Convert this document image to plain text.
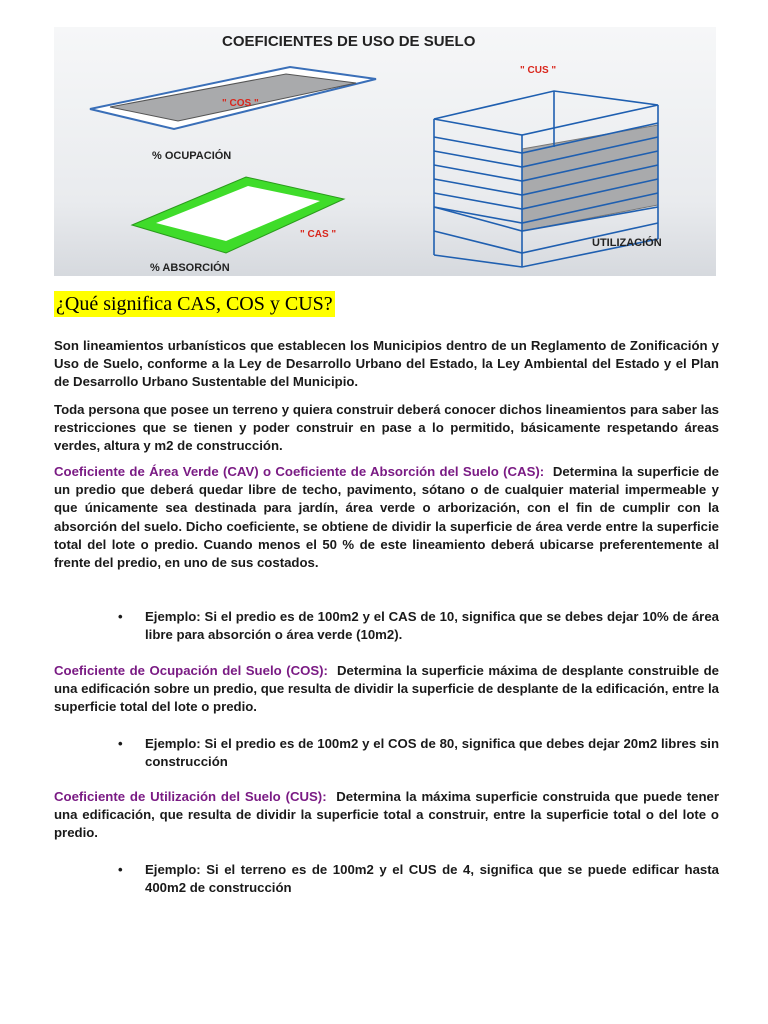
COEFICIENTES DE USO DE SUELO
" COS "
% OCUPACIÓN
" CAS "
% ABSORCIÓN
" CUS "
UTILIZACIÓN
¿Qué significa CAS, COS y CUS?

Son lineamientos urbanísticos que establecen los Municipios dentro de un Reglamento de Zonificación y Uso de Suelo, conforme a la Ley de Desarrollo Urbano del Estado, la Ley Ambiental del Estado y el Plan de Desarrollo Urbano Sustentable del Municipio.

Toda persona que posee un terreno y quiera construir deberá conocer dichos lineamientos para saber las restricciones que se tienen y poder construir en pase a lo permitido, básicamente respetando áreas verdes, altura y m2 de construcción.

Coeficiente de Área Verde (CAV) o Coeficiente de Absorción del Suelo (CAS): Determina la superficie de un predio que deberá quedar libre de techo, pavimento, sótano o de cualquier material impermeable y que únicamente sea destinada para jardín, área verde o arborización, con el fin de cumplir con la absorción del suelo. Dicho coeficiente, se obtiene de dividir la superficie de área verde entre la superficie total del lote o predio. Cuando menos el 50 % de este lineamiento deberá ubicarse preferentemente al frente del predio, en uno de sus costados.

• Ejemplo: Si el predio es de 100m2 y el CAS de 10, significa que se debes dejar 10% de área libre para absorción o área verde (10m2).

Coeficiente de Ocupación del Suelo (COS): Determina la superficie máxima de desplante construible de una edificación sobre un predio, que resulta de dividir la superficie de desplante de la edificación, entre la superficie total del lote o predio.

• Ejemplo: Si el predio es de 100m2 y el COS de 80, significa que debes dejar 20m2 libres sin construcción

Coeficiente de Utilización del Suelo (CUS): Determina la máxima superficie construida que puede tener una edificación, que resulta de dividir la superficie total a construir, entre la superficie total o del lote o predio.

• Ejemplo: Si el terreno es de 100m2 y el CUS de 4, significa que se puede edificar hasta 400m2 de construcción
